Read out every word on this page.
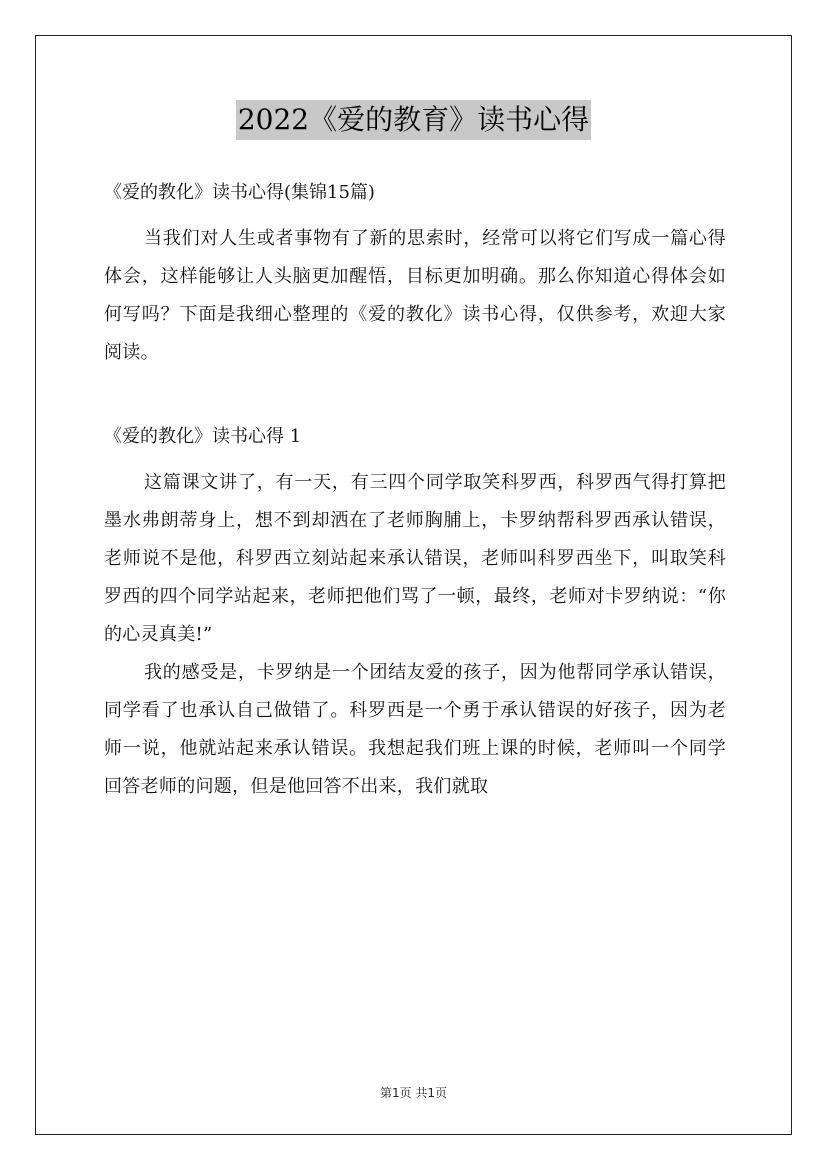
2022《爱的教育》读书心得

《爱的教化》读书心得(集锦15篇)

当我们对人生或者事物有了新的思索时，经常可以将它们写成一篇心得体会，这样能够让人头脑更加醒悟，目标更加明确。那么你知道心得体会如何写吗？下面是我细心整理的《爱的教化》读书心得，仅供参考，欢迎大家阅读。

《爱的教化》读书心得 1

这篇课文讲了，有一天，有三四个同学取笑科罗西，科罗西气得打算把墨水弗朗蒂身上，想不到却洒在了老师胸脯上，卡罗纳帮科罗西承认错误，老师说不是他，科罗西立刻站起来承认错误，老师叫科罗西坐下，叫取笑科罗西的四个同学站起来，老师把他们骂了一顿，最终，老师对卡罗纳说：“你的心灵真美!”

我的感受是，卡罗纳是一个团结友爱的孩子，因为他帮同学承认错误，同学看了也承认自己做错了。科罗西是一个勇于承认错误的好孩子，因为老师一说，他就站起来承认错误。我想起我们班上课的时候，老师叫一个同学回答老师的问题，但是他回答不出来，我们就取

第1页 共1页
